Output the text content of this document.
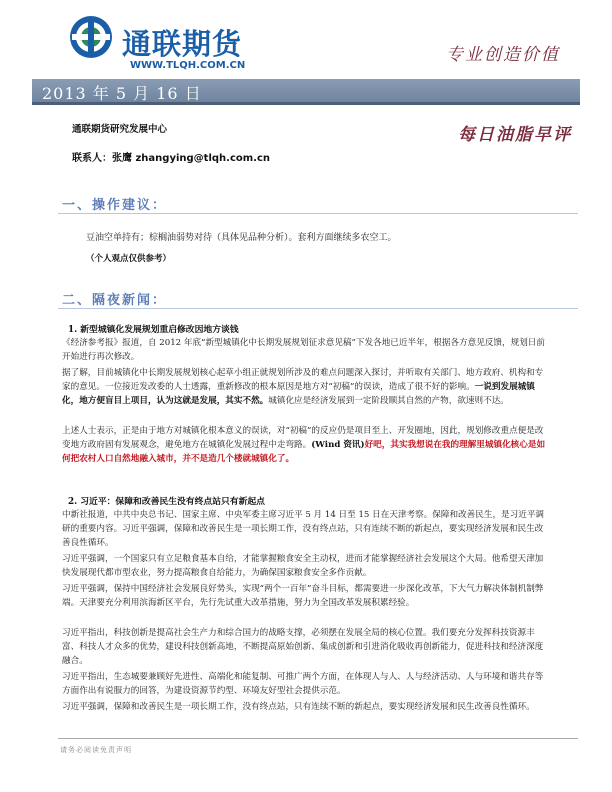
通联期货
WWW.TLQH.COM.CN
专业创造价值
2013 年 5 月 16 日
通联期货研究发展中心	每日油脂早评
联系人：张鹰 zhangying@tlqh.com.cn
一、操作建议：
豆油空单持有；棕榈油弱势对待（具体见品种分析）。套利方面继续多农空工。
（个人观点仅供参考）
二、隔夜新闻：
1. 新型城镇化发展规划重启修改因地方谈钱
《经济参考报》报道，自 2012 年底“新型城镇化中长期发展规划征求意见稿”下发各地已近半年，根据各方意见反馈，规划日前开始进行再次修改。
据了解，目前城镇化中长期发展规划核心起草小组正就规划所涉及的难点问题深入探讨，并听取有关部门、地方政府、机构和专家的意见。一位接近发改委的人士透露，重新修改的根本原因是地方对“初稿”的误读，造成了很不好的影响。一说到发展城镇化，地方便盲目上项目，认为这就是发展，其实不然。城镇化应是经济发展到一定阶段顺其自然的产物，欲速则不达。
上述人士表示，正是由于地方对城镇化根本意义的误读，对“初稿”的反应仍是项目至上、开发圈地，因此，规划修改重点便是改变地方政府固有发展观念，避免地方在城镇化发展过程中走弯路。(Wind 资讯)好吧，其实我想说在我的理解里城镇化核心是如何把农村人口自然地融入城市，并不是造几个楼就城镇化了。
2. 习近平：保障和改善民生没有终点站只有新起点
中新社报道，中共中央总书记、国家主席、中央军委主席习近平 5 月 14 日至 15 日在天津考察。保障和改善民生，是习近平调研的重要内容。习近平强调，保障和改善民生是一项长期工作，没有终点站，只有连续不断的新起点，要实现经济发展和民生改善良性循环。
习近平强调，一个国家只有立足粮食基本自给，才能掌握粮食安全主动权，进而才能掌握经济社会发展这个大局。他希望天津加快发展现代都市型农业，努力提高粮食自给能力，为确保国家粮食安全多作贡献。
习近平强调，保持中国经济社会发展良好势头，实现“两个一百年”奋斗目标，都需要进一步深化改革，下大气力解决体制机制弊端。天津要充分利用滨海新区平台，先行先试重大改革措施，努力为全国改革发展积累经验。
习近平指出，科技创新是提高社会生产力和综合国力的战略支撑，必须摆在发展全局的核心位置。我们要充分发挥科技资源丰富、科技人才众多的优势，建设科技创新高地，不断提高原始创新、集成创新和引进消化吸收再创新能力，促进科技和经济深度融合。
习近平指出，生态城要兼顾好先进性、高端化和能复制、可推广两个方面，在体现人与人、人与经济活动、人与环境和谐共存等方面作出有说服力的回答，为建设资源节约型、环境友好型社会提供示范。
习近平强调，保障和改善民生是一项长期工作，没有终点站，只有连续不断的新起点，要实现经济发展和民生改善良性循环。
请务必阅读免责声明
